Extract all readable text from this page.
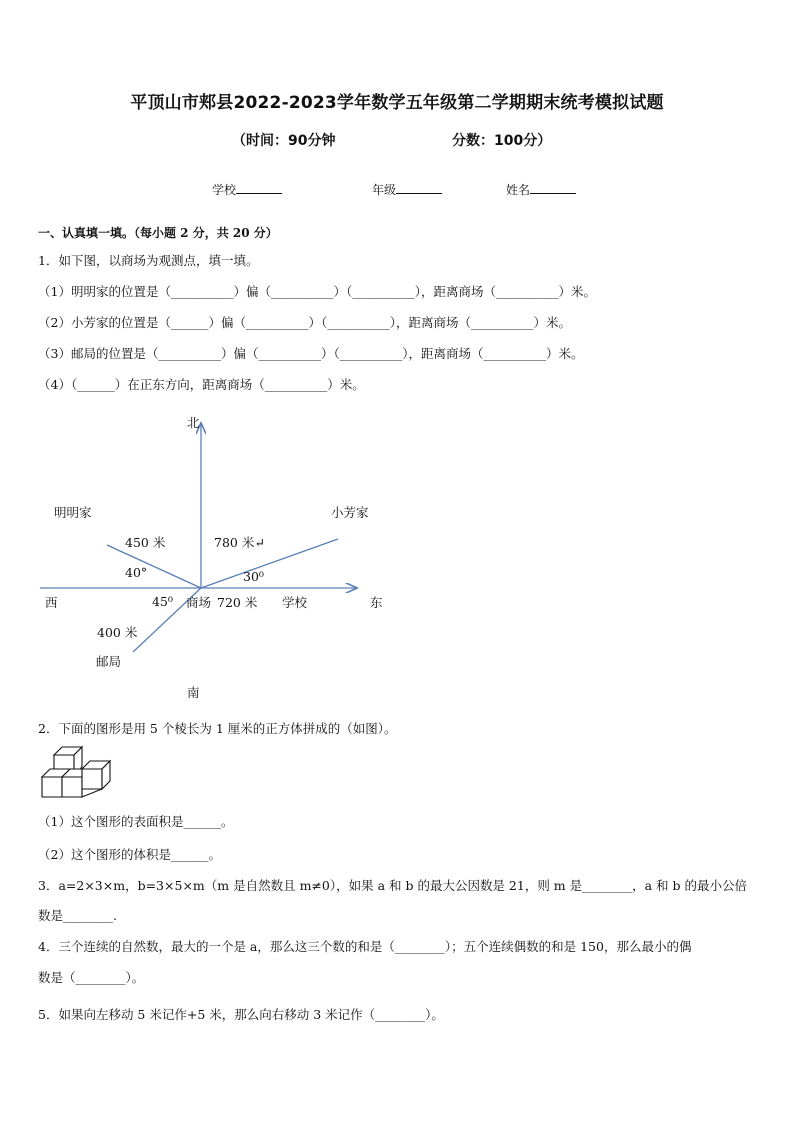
平顶山市郏县2022-2023学年数学五年级第二学期期末统考模拟试题
（时间：90分钟	分数：100分）
学校	年级	姓名
一、认真填一填。（每小题 2 分，共 20 分）
1．如下图，以商场为观测点，填一填。
（1）明明家的位置是（__________）偏（__________）（__________），距离商场（__________）米。
（2）小芳家的位置是（______）偏（__________）（__________），距离商场（__________）米。
（3）邮局的位置是（__________）偏（__________）（__________），距离商场（__________）米。
（4）（______）在正东方向，距离商场（__________）米。
北
南
西	东
明明家	小芳家
邮局
商场	学校
450 米	780 米↵
720 米
400 米
40°	30⁰
45⁰
2．下面的图形是用 5 个棱长为 1 厘米的正方体拼成的（如图）。
（1）这个图形的表面积是______。
（2）这个图形的体积是______。
3．a=2×3×m，b=3×5×m（m 是自然数且 m≠0），如果 a 和 b 的最大公因数是 21，则 m 是________，a 和 b 的最小公倍
数是________.
4．三个连续的自然数，最大的一个是 a，那么这三个数的和是（________）；五个连续偶数的和是 150，那么最小的偶
数是（________）。
5．如果向左移动 5 米记作+5 米，那么向右移动 3 米记作（________）。
